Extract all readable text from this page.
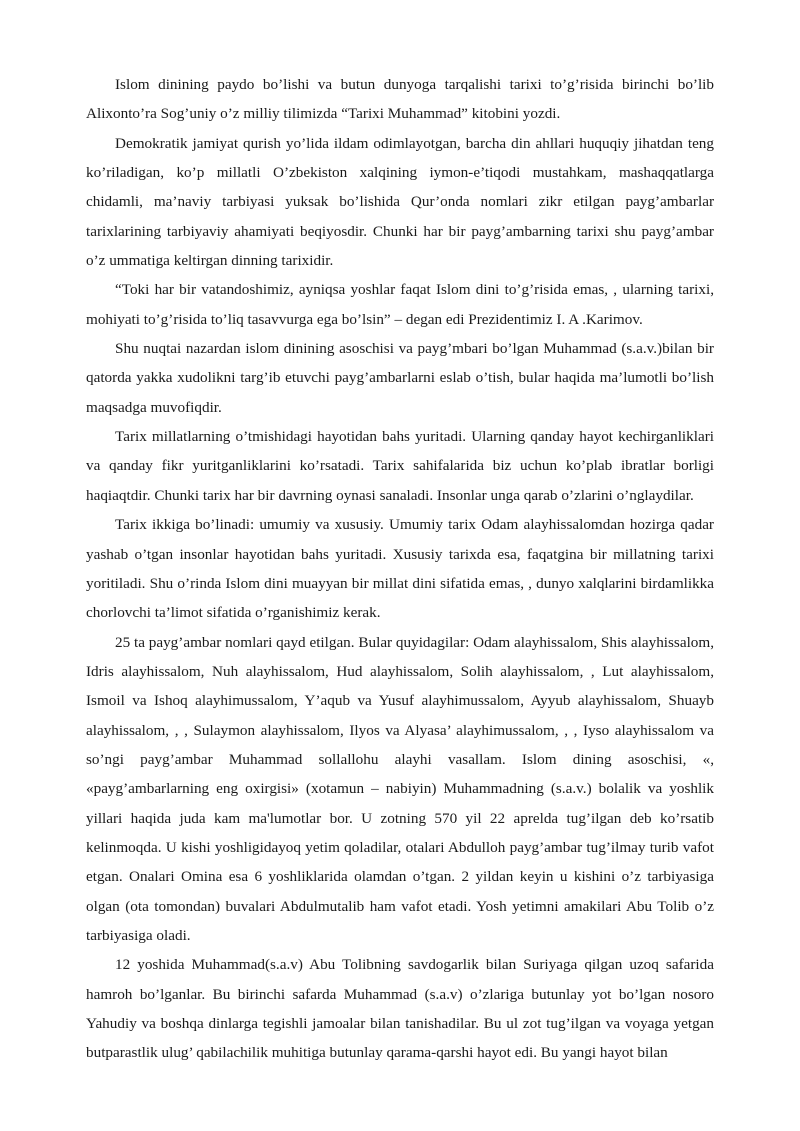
Islom dinining paydo bo’lishi va butun dunyoga tarqalishi tarixi to’g’risida birinchi bo’lib Alixonto’ra Sog’uniy o’z milliy tilimizda “Tarixi Muhammad” kitobini yozdi.

Demokratik jamiyat qurish yo’lida ildam odimlayotgan, barcha din ahllari huquqiy jihatdan teng ko’riladigan, ko’p millatli O’zbekiston xalqining iymon-e’tiqodi mustahkam, mashaqqatlarga chidamli, ma’naviy tarbiyasi yuksak bo’lishida Qur’onda nomlari zikr etilgan payg’ambarlar tarixlarining tarbiyaviy ahamiyati beqiyosdir. Chunki har bir payg’ambarning tarixi shu payg’ambar o’z ummatiga keltirgan dinning tarixidir.

“Toki har bir vatandoshimiz, ayniqsa yoshlar faqat Islom dini to’g’risida emas, , ularning tarixi, mohiyati to’g’risida to’liq tasavvurga ega bo’lsin” – degan edi Prezidentimiz I. A .Karimov.

Shu nuqtai nazardan islom dinining asoschisi va payg’mbari bo’lgan Muhammad (s.a.v.)bilan bir qatorda yakka xudolikni targ’ib etuvchi payg’ambarlarni eslab o’tish, bular haqida ma’lumotli bo’lish maqsadga muvofiqdir.

Tarix millatlarning o’tmishidagi hayotidan bahs yuritadi. Ularning qanday hayot kechirganliklari va qanday fikr yuritganliklarini ko’rsatadi. Tarix sahifalarida biz uchun ko’plab ibratlar borligi haqiaqtdir. Chunki tarix har bir davrning oynasi sanaladi. Insonlar unga qarab o’zlarini o’nglaydilar.

Tarix ikkiga bo’linadi: umumiy va xususiy. Umumiy tarix Odam alayhissalomdan hozirga qadar yashab o’tgan insonlar hayotidan bahs yuritadi. Xususiy tarixda esa, faqatgina bir millatning tarixi yoritiladi. Shu o’rinda Islom dini muayyan bir millat dini sifatida emas, , dunyo xalqlarini birdamlikka chorlovchi ta’limot sifatida o’rganishimiz kerak.

25 ta payg’ambar nomlari qayd etilgan. Bular quyidagilar: Odam alayhissalom, Shis alayhissalom, Idris alayhissalom, Nuh alayhissalom, Hud alayhissalom, Solih alayhissalom, , Lut alayhissalom, Ismoil va Ishoq alayhimussalom, Y’aqub va Yusuf alayhimussalom, Ayyub alayhissalom, Shuayb alayhissalom, , , Sulaymon alayhissalom, Ilyos va Alyasa’ alayhimussalom, , , Iyso alayhissalom va so’ngi payg’ambar Muhammad sollallohu alayhi vasallam. Islom dining asoschisi, «, «payg’ambarlarning eng oxirgisi» (xotamun – nabiyin) Muhammadning (s.a.v.) bolalik va yoshlik yillari haqida juda kam ma'lumotlar bor. U zotning 570 yil 22 aprelda tug’ilgan deb ko’rsatib kelinmoqda. U kishi yoshligidayoq yetim qoladilar, otalari Abdulloh payg’ambar tug’ilmay turib vafot etgan. Onalari Omina esa 6 yoshliklarida olamdan o’tgan. 2 yildan keyin u kishini o’z tarbiyasiga olgan (ota tomondan) buvalari Abdulmutalib ham vafot etadi. Yosh yetimni amakilari Abu Tolib o’z tarbiyasiga oladi.

12 yoshida Muhammad(s.a.v) Abu Tolibning savdogarlik bilan Suriyaga qilgan uzoq safarida hamroh bo’lganlar. Bu birinchi safarda Muhammad (s.a.v) o’zlariga butunlay yot bo’lgan nosoro Yahudiy va boshqa dinlarga tegishli jamoalar bilan tanishadilar. Bu ul zot tug’ilgan va voyaga yetgan butparastlik ulug’ qabilachilik muhitiga butunlay qarama-qarshi hayot edi. Bu yangi hayot bilan
